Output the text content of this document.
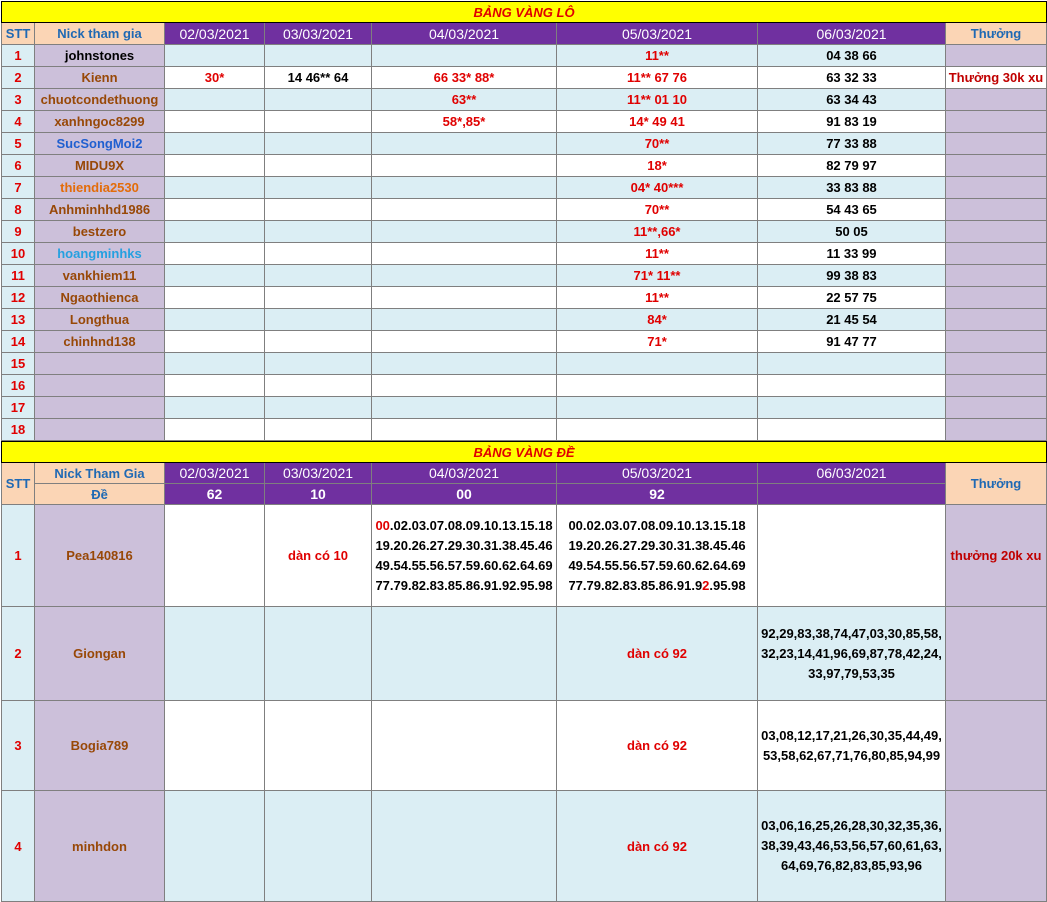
BẢNG VÀNG LÔ							
STT	Nick tham gia	02/03/2021	03/03/2021	04/03/2021	05/03/2021	06/03/2021	Thưởng
1	johnstones				11**	04 38 66	
2	Kienn	30*	14 46** 64	66 33* 88*	11** 67 76	63 32 33	Thưởng 30k xu
3	chuotcondethuong			63**	11** 01 10	63 34 43	
4	xanhngoc8299			58*,85*	14* 49 41	91 83 19	
5	SucSongMoi2				70**	77 33 88	
6	MIDU9X				18*	82 79 97	
7	thiendia2530				04* 40***	33 83 88	
8	Anhminhhd1986				70**	54 43 65	
9	bestzero				11**,66*	50 05	
10	hoangminhks				11**	11 33 99	
11	vankhiem11				71* 11**	99 38 83	
12	Ngaothienca				11**	22 57 75	
13	Longthua				84*	21 45 54	
14	chinhnd138				71*	91 47 77	
15							
16							
17							
18							
BẢNG VÀNG ĐỀ							
STT	Nick Tham Gia	02/03/2021	03/03/2021	04/03/2021	05/03/2021	06/03/2021	Thưởng
	Đề	62	10	00	92		
1	Pea140816		dàn có 10	00.02.03.07.08.09.10.13.15.18 19.20.26.27.29.30.31.38.45.46 49.54.55.56.57.59.60.62.64.69 77.79.82.83.85.86.91.92.95.98	00.02.03.07.08.09.10.13.15.18 19.20.26.27.29.30.31.38.45.46 49.54.55.56.57.59.60.62.64.69 77.79.82.83.85.86.91.92.95.98		thưởng 20k xu
2	Giongan				dàn có 92	92,29,83,38,74,47,03,30,85,58, 32,23,14,41,96,69,87,78,42,24, 33,97,79,53,35	
3	Bogia789				dàn có 92	03,08,12,17,21,26,30,35,44,49, 53,58,62,67,71,76,80,85,94,99	
4	minhdon				dàn có 92	03,06,16,25,26,28,30,32,35,36, 38,39,43,46,53,56,57,60,61,63, 64,69,76,82,83,85,93,96	
